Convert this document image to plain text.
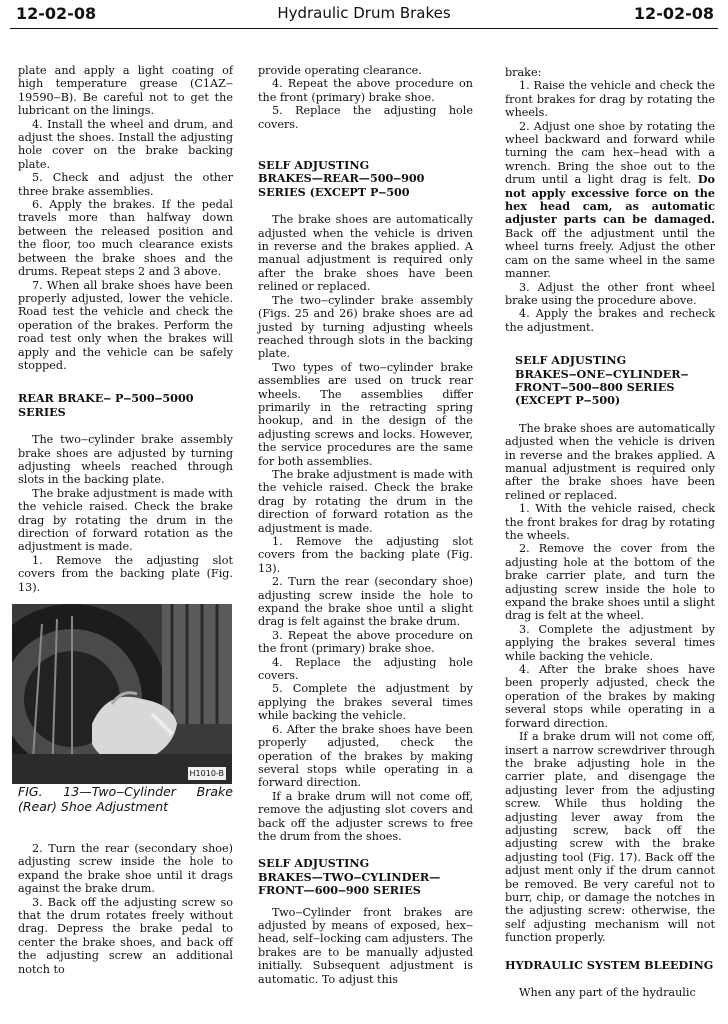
12-02-08	Hydraulic Drum Brakes	12-02-08

plate and apply a light coating of high temperature grease (C1AZ‒19590‒B). Be careful not to get the lubricant on the linings.

4. Install the wheel and drum, and adjust the shoes. Install the adjusting hole cover on the brake backing plate.

5. Check and adjust the other three brake assemblies.

6. Apply the brakes. If the pedal travels more than halfway down between the released position and the floor, too much clearance exists between the brake shoes and the drums. Repeat steps 2 and 3 above.

7. When all brake shoes have been properly adjusted, lower the vehicle. Road test the vehicle and check the operation of the brakes. Perform the road test only when the brakes will apply and the vehicle can be safely stopped.

REAR BRAKE‒ P‒500‒5000
SERIES

The two‒cylinder brake assembly brake shoes are adjusted by turning adjusting wheels reached through slots in the backing plate.

The brake adjustment is made with the vehicle raised. Check the brake drag by rotating the drum in the direction of forward rotation as the adjustment is made.

1. Remove the adjusting slot covers from the backing plate (Fig. 13).

H1010-B

FIG. 13—Two‒Cylinder Brake (Rear) Shoe Adjustment

2. Turn the rear (secondary shoe) adjusting screw inside the hole to expand the brake shoe until it drags against the brake drum.

3. Back off the adjusting screw so that the drum rotates freely without drag. Depress the brake pedal to center the brake shoes, and back off the adjusting screw an additional notch to

provide operating clearance.

4. Repeat the above procedure on the front (primary) brake shoe.

5. Replace the adjusting hole covers.

SELF ADJUSTING
BRAKES—REAR—500‒900
SERIES (EXCEPT P‒500

The brake shoes are automatically adjusted when the vehicle is driven in reverse and the brakes applied. A manual adjustment is required only after the brake shoes have been relined or replaced.

The two‒cylinder brake assembly (Figs. 25 and 26) brake shoes are ad justed by turning adjusting wheels reached through slots in the backing plate.

Two types of two‒cylinder brake assemblies are used on truck rear wheels. The assemblies differ primarily in the retracting spring hookup, and in the design of the adjusting screws and locks. However, the service procedures are the same for both assemblies.

The brake adjustment is made with the vehicle raised. Check the brake drag by rotating the drum in the direction of forward rotation as the adjustment is made.

1. Remove the adjusting slot covers from the backing plate (Fig. 13).

2. Turn the rear (secondary shoe) adjusting screw inside the hole to expand the brake shoe until a slight drag is felt against the brake drum.

3. Repeat the above procedure on the front (primary) brake shoe.

4. Replace the adjusting hole covers.

5. Complete the adjustment by applying the brakes several times while backing the vehicle.

6. After the brake shoes have been properly adjusted, check the operation of the brakes by making several stops while operating in a forward direction.

If a brake drum will not come off, remove the adjusting slot covers and back off the adjuster screws to free the drum from the shoes.

SELF ADJUSTING
BRAKES—TWO‒CYLINDER—
FRONT—600‒900 SERIES

Two‒Cylinder front brakes are adjusted by means of exposed, hex‒head, self‒locking cam adjusters. The brakes are to be manually adjusted initially. Subsequent adjustment is automatic. To adjust this

brake:

1. Raise the vehicle and check the front brakes for drag by rotating the wheels.

2. Adjust one shoe by rotating the wheel backward and forward while turning the cam hex‒head with a wrench. Bring the shoe out to the drum until a light drag is felt. Do not apply excessive force on the hex head cam, as automatic adjuster parts can be damaged. Back off the adjustment until the wheel turns freely. Adjust the other cam on the same wheel in the same manner.

3. Adjust the other front wheel brake using the procedure above.

4. Apply the brakes and recheck the adjustment.

SELF ADJUSTING
BRAKES‒ONE‒CYLINDER‒
FRONT‒500‒800 SERIES
(EXCEPT P‒500)

The brake shoes are automatically adjusted when the vehicle is driven in reverse and the brakes applied. A manual adjustment is required only after the brake shoes have been relined or replaced.

1. With the vehicle raised, check the front brakes for drag by rotating the wheels.

2. Remove the cover from the adjusting hole at the bottom of the brake carrier plate, and turn the adjusting screw inside the hole to expand the brake shoes until a slight drag is felt at the wheel.

3. Complete the adjustment by applying the brakes several times while backing the vehicle.

4. After the brake shoes have been properly adjusted, check the operation of the brakes by making several stops while operating in a forward direction.

If a brake drum will not come off, insert a narrow screwdriver through the brake adjusting hole in the carrier plate, and disengage the adjusting lever from the adjusting screw. While thus holding the adjusting lever away from the adjusting screw, back off the adjusting screw with the brake adjusting tool (Fig. 17). Back off the adjust ment only if the drum cannot be removed. Be very careful not to burr, chip, or damage the notches in the adjusting screw: otherwise, the self adjusting mechanism will not function properly.

HYDRAULIC SYSTEM BLEEDING

When any part of the hydraulic
